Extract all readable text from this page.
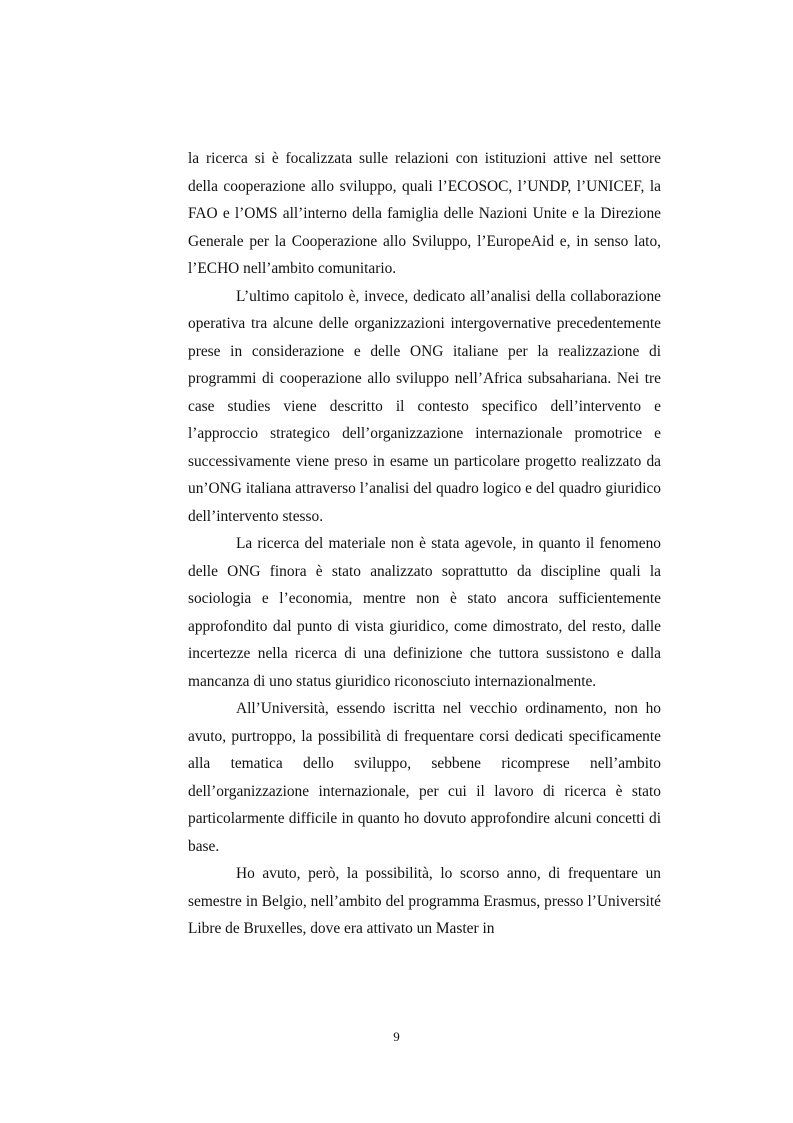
la ricerca si è focalizzata sulle relazioni con istituzioni attive nel settore della cooperazione allo sviluppo, quali l’ECOSOC, l’UNDP, l’UNICEF, la FAO e l’OMS all’interno della famiglia delle Nazioni Unite e la Direzione Generale per la Cooperazione allo Sviluppo, l’EuropeAid e, in senso lato, l’ECHO nell’ambito comunitario.

L’ultimo capitolo è, invece, dedicato all’analisi della collaborazione operativa tra alcune delle organizzazioni intergovernative precedentemente prese in considerazione e delle ONG italiane per la realizzazione di programmi di cooperazione allo sviluppo nell’Africa subsahariana. Nei tre case studies viene descritto il contesto specifico dell’intervento e l’approccio strategico dell’organizzazione internazionale promotrice e successivamente viene preso in esame un particolare progetto realizzato da un’ONG italiana attraverso l’analisi del quadro logico e del quadro giuridico dell’intervento stesso.

La ricerca del materiale non è stata agevole, in quanto il fenomeno delle ONG finora è stato analizzato soprattutto da discipline quali la sociologia e l’economia, mentre non è stato ancora sufficientemente approfondito dal punto di vista giuridico, come dimostrato, del resto, dalle incertezze nella ricerca di una definizione che tuttora sussistono e dalla mancanza di uno status giuridico riconosciuto internazionalmente.

All’Università, essendo iscritta nel vecchio ordinamento, non ho avuto, purtroppo, la possibilità di frequentare corsi dedicati specificamente alla tematica dello sviluppo, sebbene ricomprese nell’ambito dell’organizzazione internazionale, per cui il lavoro di ricerca è stato particolarmente difficile in quanto ho dovuto approfondire alcuni concetti di base.

Ho avuto, però, la possibilità, lo scorso anno, di frequentare un semestre in Belgio, nell’ambito del programma Erasmus, presso l’Université Libre de Bruxelles, dove era attivato un Master in

9
